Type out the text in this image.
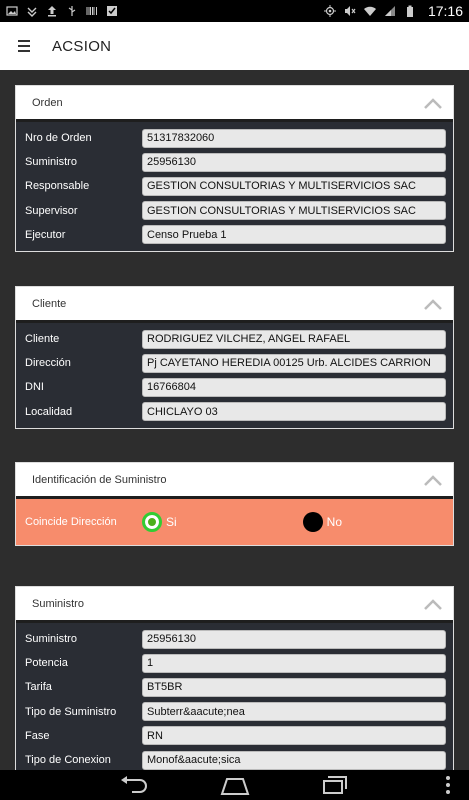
17:16
ACSION
Orden
Nro de Orden	51317832060
Suministro	25956130
Responsable	GESTION CONSULTORIAS Y MULTISERVICIOS SAC
Supervisor	GESTION CONSULTORIAS Y MULTISERVICIOS SAC
Ejecutor	Censo Prueba 1
Cliente
Cliente	RODRIGUEZ VILCHEZ, ANGEL RAFAEL
Dirección	Pj CAYETANO HEREDIA 00125 Urb. ALCIDES CARRION
DNI	16766804
Localidad	CHICLAYO 03
Identificación de Suministro
Coincide Dirección	Si	No
Suministro
Suministro	25956130
Potencia	1
Tarifa	BT5BR
Tipo de Suministro	Subterr&aacute;nea
Fase	RN
Tipo de Conexion	Monof&aacute;sica
